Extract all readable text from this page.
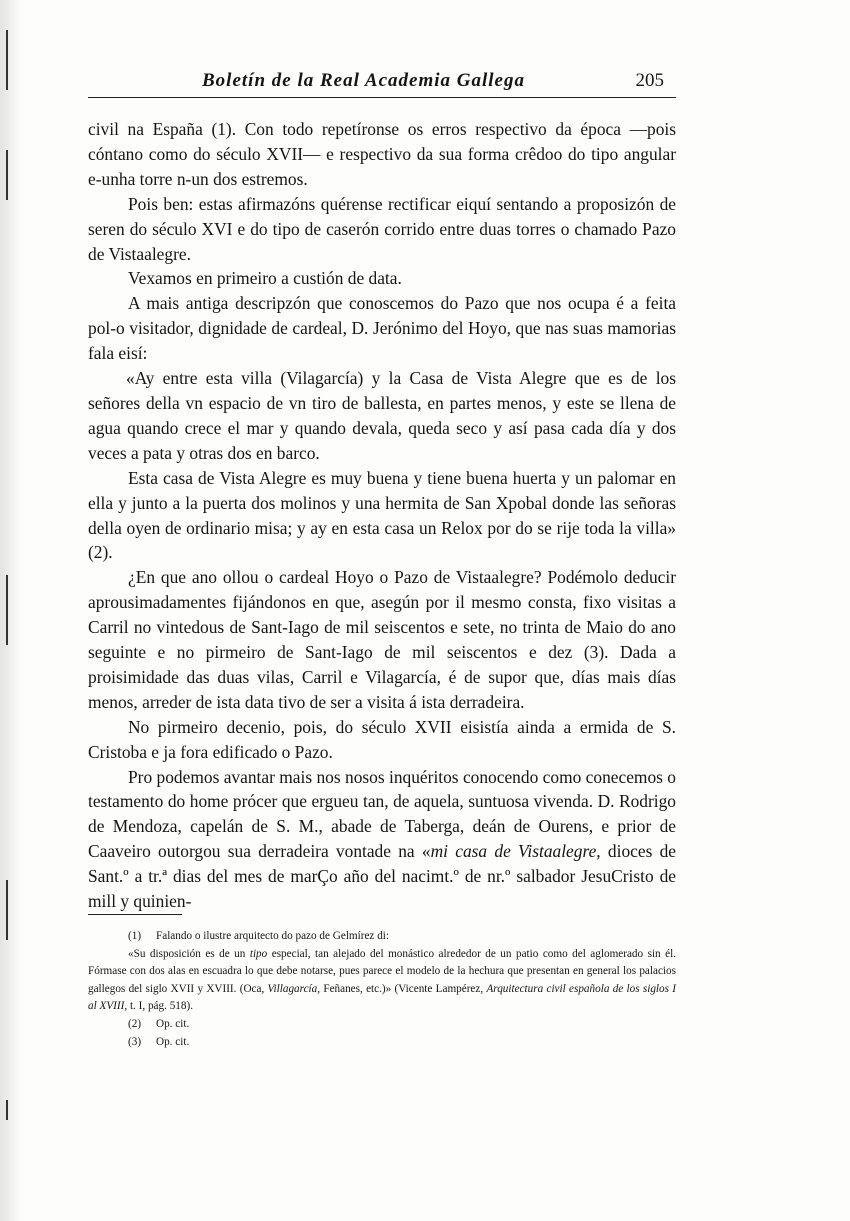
Boletín de la Real Academia Gallega	205

civil na España (1). Con todo repetíronse os erros respectivo da época —pois cóntano como do século XVII— e respectivo da sua forma crêdoo do tipo angular e-unha torre n-un dos estremos.

Pois ben: estas afirmazóns quérense rectificar eiquí sentando a proposizón de seren do século XVI e do tipo de caserón corrido entre duas torres o chamado Pazo de Vistaalegre.

Vexamos en primeiro a custión de data.

A mais antiga descripzón que conoscemos do Pazo que nos ocupa é a feita pol-o visitador, dignidade de cardeal, D. Jerónimo del Hoyo, que nas suas mamorias fala eisí:

«Ay entre esta villa (Vilagarcía) y la Casa de Vista Alegre que es de los señores della vn espacio de vn tiro de ballesta, en partes menos, y este se llena de agua quando crece el mar y quando devala, queda seco y así pasa cada día y dos veces a pata y otras dos en barco.

Esta casa de Vista Alegre es muy buena y tiene buena huerta y un palomar en ella y junto a la puerta dos molinos y una hermita de San Xpobal donde las señoras della oyen de ordinario misa; y ay en esta casa un Relox por do se rije toda la villa» (2).

¿En que ano ollou o cardeal Hoyo o Pazo de Vistaalegre? Podémolo deducir aprousimadamentes fijándonos en que, asegún por il mesmo consta, fixo visitas a Carril no vintedous de Sant-Iago de mil seiscentos e sete, no trinta de Maio do ano seguinte e no pirmeiro de Sant-Iago de mil seiscentos e dez (3). Dada a proisimidade das duas vilas, Carril e Vilagarcía, é de supor que, días mais días menos, arreder de ista data tivo de ser a visita á ista derradeira.

No pirmeiro decenio, pois, do século XVII eisistía ainda a ermida de S. Cristoba e ja fora edificado o Pazo.

Pro podemos avantar mais nos nosos inquéritos conocendo como conecemos o testamento do home prócer que ergueu tan, de aquela, suntuosa vivenda. D. Rodrigo de Mendoza, capelán de S. M., abade de Taberga, deán de Ourens, e prior de Caaveiro outorgou sua derradeira vontade na «mi casa de Vistaalegre, dioces de Sant.º a tr.ª dias del mes de marÇo año del nacimt.º de nr.º salbador JesuCristo de mill y quinien-

(1) Falando o ilustre arquitecto do pazo de Gelmírez di:

«Su disposición es de un tipo especial, tan alejado del monástico alrededor de un patio como del aglomerado sin él. Fórmase con dos alas en escuadra lo que debe notarse, pues parece el modelo de la hechura que presentan en general los palacios gallegos del siglo XVII y XVIII. (Oca, Villagarcía, Feñanes, etc.)» (Vicente Lampérez, Arquitectura civil española de los siglos I al XVIII, t. I, pág. 518).

(2) Op. cit.

(3) Op. cit.
